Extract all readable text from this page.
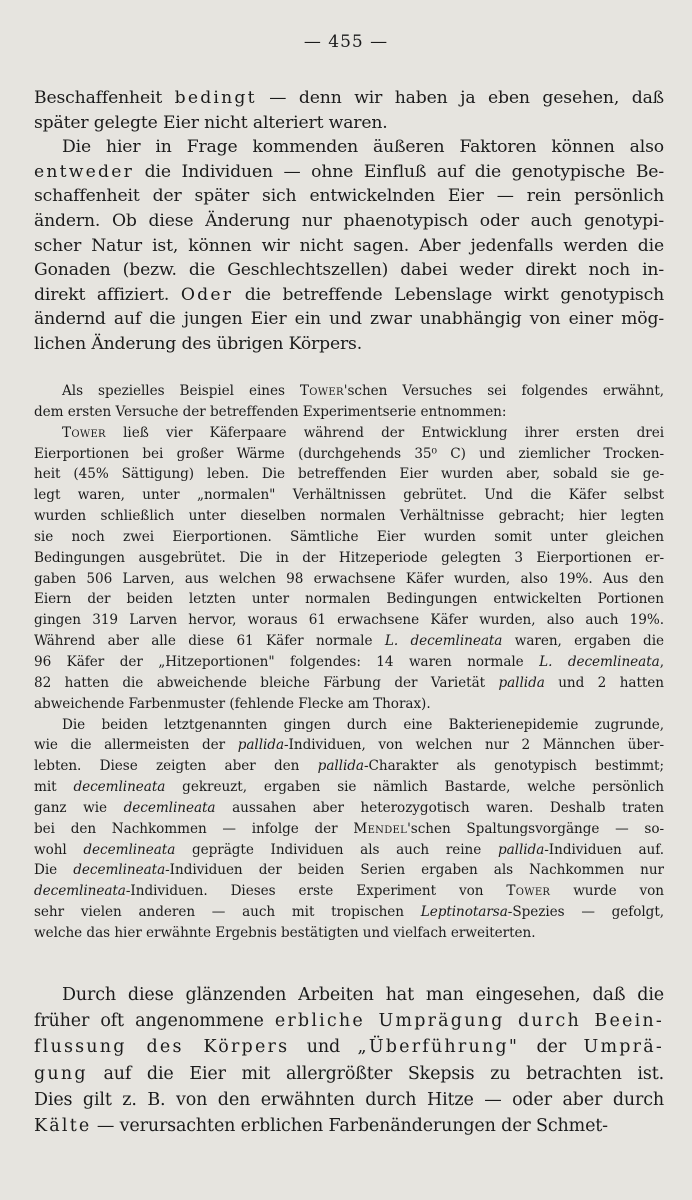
— 455 —
Beschaffenheit bedingt — denn wir haben ja eben gesehen, daß
später gelegte Eier nicht alteriert waren.
Die hier in Frage kommenden äußeren Faktoren können also
entweder die Individuen — ohne Einfluß auf die genotypische Be-
schaffenheit der später sich entwickelnden Eier — rein persönlich
ändern. Ob diese Änderung nur phaenotypisch oder auch genotypi-
scher Natur ist, können wir nicht sagen. Aber jedenfalls werden die
Gonaden (bezw. die Geschlechtszellen) dabei weder direkt noch in-
direkt affiziert. Oder die betreffende Lebenslage wirkt genotypisch
ändernd auf die jungen Eier ein und zwar unabhängig von einer mög-
lichen Änderung des übrigen Körpers.
Als spezielles Beispiel eines Tower'schen Versuches sei folgendes erwähnt,
dem ersten Versuche der betreffenden Experimentserie entnommen:
Tower ließ vier Käferpaare während der Entwicklung ihrer ersten drei
Eierportionen bei großer Wärme (durchgehends 35⁰ C) und ziemlicher Trocken-
heit (45% Sättigung) leben. Die betreffenden Eier wurden aber, sobald sie ge-
legt waren, unter „normalen" Verhältnissen gebrütet. Und die Käfer selbst
wurden schließlich unter dieselben normalen Verhältnisse gebracht; hier legten
sie noch zwei Eierportionen. Sämtliche Eier wurden somit unter gleichen
Bedingungen ausgebrütet. Die in der Hitzeperiode gelegten 3 Eierportionen er-
gaben 506 Larven, aus welchen 98 erwachsene Käfer wurden, also 19%. Aus den
Eiern der beiden letzten unter normalen Bedingungen entwickelten Portionen
gingen 319 Larven hervor, woraus 61 erwachsene Käfer wurden, also auch 19%.
Während aber alle diese 61 Käfer normale L. decemlineata waren, ergaben die
96 Käfer der „Hitzeportionen" folgendes: 14 waren normale L. decemlineata,
82 hatten die abweichende bleiche Färbung der Varietät pallida und 2 hatten
abweichende Farbenmuster (fehlende Flecke am Thorax).
Die beiden letztgenannten gingen durch eine Bakterienepidemie zugrunde,
wie die allermeisten der pallida-Individuen, von welchen nur 2 Männchen über-
lebten. Diese zeigten aber den pallida-Charakter als genotypisch bestimmt;
mit decemlineata gekreuzt, ergaben sie nämlich Bastarde, welche persönlich
ganz wie decemlineata aussahen aber heterozygotisch waren. Deshalb traten
bei den Nachkommen — infolge der Mendel'schen Spaltungsvorgänge — so-
wohl decemlineata geprägte Individuen als auch reine pallida-Individuen auf.
Die decemlineata-Individuen der beiden Serien ergaben als Nachkommen nur
decemlineata-Individuen. Dieses erste Experiment von Tower wurde von
sehr vielen anderen — auch mit tropischen Leptinotarsa-Spezies — gefolgt,
welche das hier erwähnte Ergebnis bestätigten und vielfach erweiterten.
Durch diese glänzenden Arbeiten hat man eingesehen, daß die
früher oft angenommene erbliche Umprägung durch Beein-
flussung des Körpers und „Überführung" der Umprä-
gung auf die Eier mit allergrößter Skepsis zu betrachten ist.
Dies gilt z. B. von den erwähnten durch Hitze — oder aber durch
Kälte — verursachten erblichen Farbenänderungen der Schmet-
